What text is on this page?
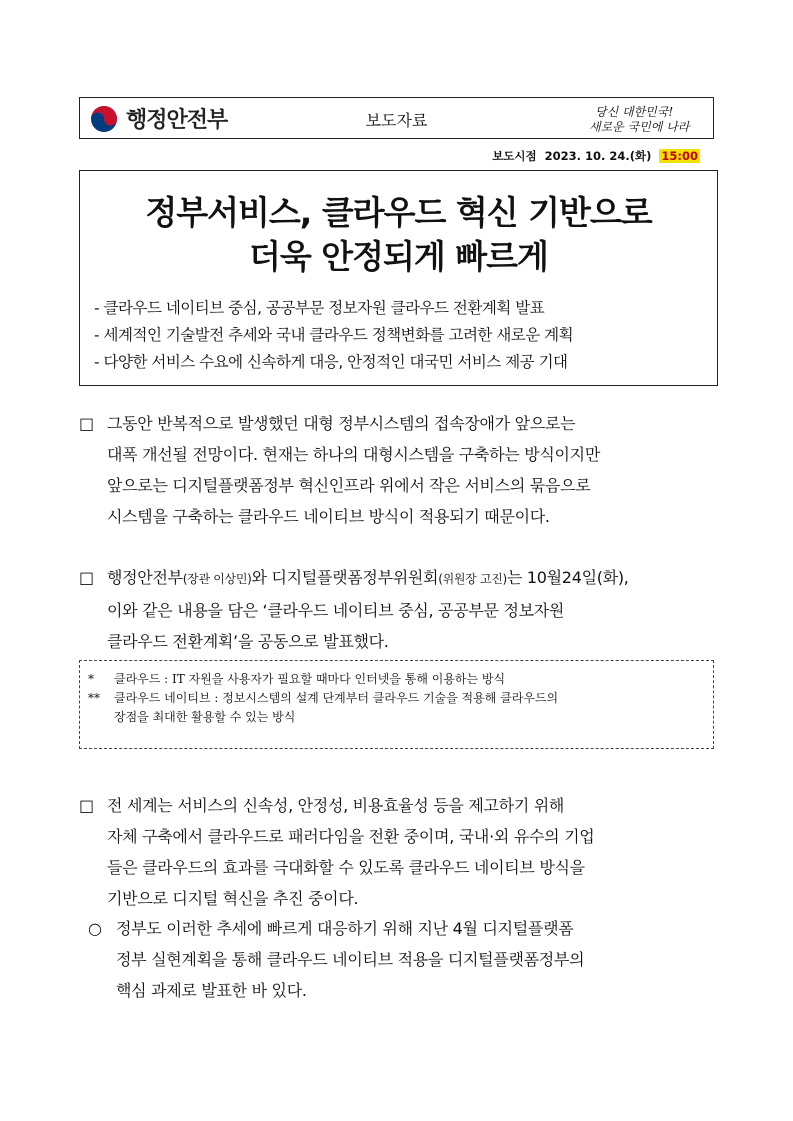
행정안전부	보도자료	당신 대한민국!
새로운 국민에 나라
보도시점 2023. 10. 24.(화) 15:00
정부서비스, 클라우드 혁신 기반으로
더욱 안정되게 빠르게
- 클라우드 네이티브 중심, 공공부문 정보자원 클라우드 전환계획 발표
- 세계적인 기술발전 추세와 국내 클라우드 정책변화를 고려한 새로운 계획
- 다양한 서비스 수요에 신속하게 대응, 안정적인 대국민 서비스 제공 기대
□ 그동안 반복적으로 발생했던 대형 정부시스템의 접속장애가 앞으로는
대폭 개선될 전망이다. 현재는 하나의 대형시스템을 구축하는 방식이지만
앞으로는 디지털플랫폼정부 혁신인프라 위에서 작은 서비스의 묶음으로
시스템을 구축하는 클라우드 네이티브 방식이 적용되기 때문이다.
□ 행정안전부(장관 이상민)와 디지털플랫폼정부위원회(위원장 고진)는 10월24일(화),
이와 같은 내용을 담은 ‘클라우드 네이티브 중심, 공공부문 정보자원
클라우드 전환계획’을 공동으로 발표했다.
*	클라우드 : IT 자원을 사용자가 필요할 때마다 인터넷을 통해 이용하는 방식
**	클라우드 네이티브 : 정보시스템의 설계 단계부터 클라우드 기술을 적용해 클라우드의
장점을 최대한 활용할 수 있는 방식
□ 전 세계는 서비스의 신속성, 안정성, 비용효율성 등을 제고하기 위해
자체 구축에서 클라우드로 패러다임을 전환 중이며, 국내·외 유수의 기업
들은 클라우드의 효과를 극대화할 수 있도록 클라우드 네이티브 방식을
기반으로 디지털 혁신을 추진 중이다.
○ 정부도 이러한 추세에 빠르게 대응하기 위해 지난 4월 디지털플랫폼
정부 실현계획을 통해 클라우드 네이티브 적용을 디지털플랫폼정부의
핵심 과제로 발표한 바 있다.
